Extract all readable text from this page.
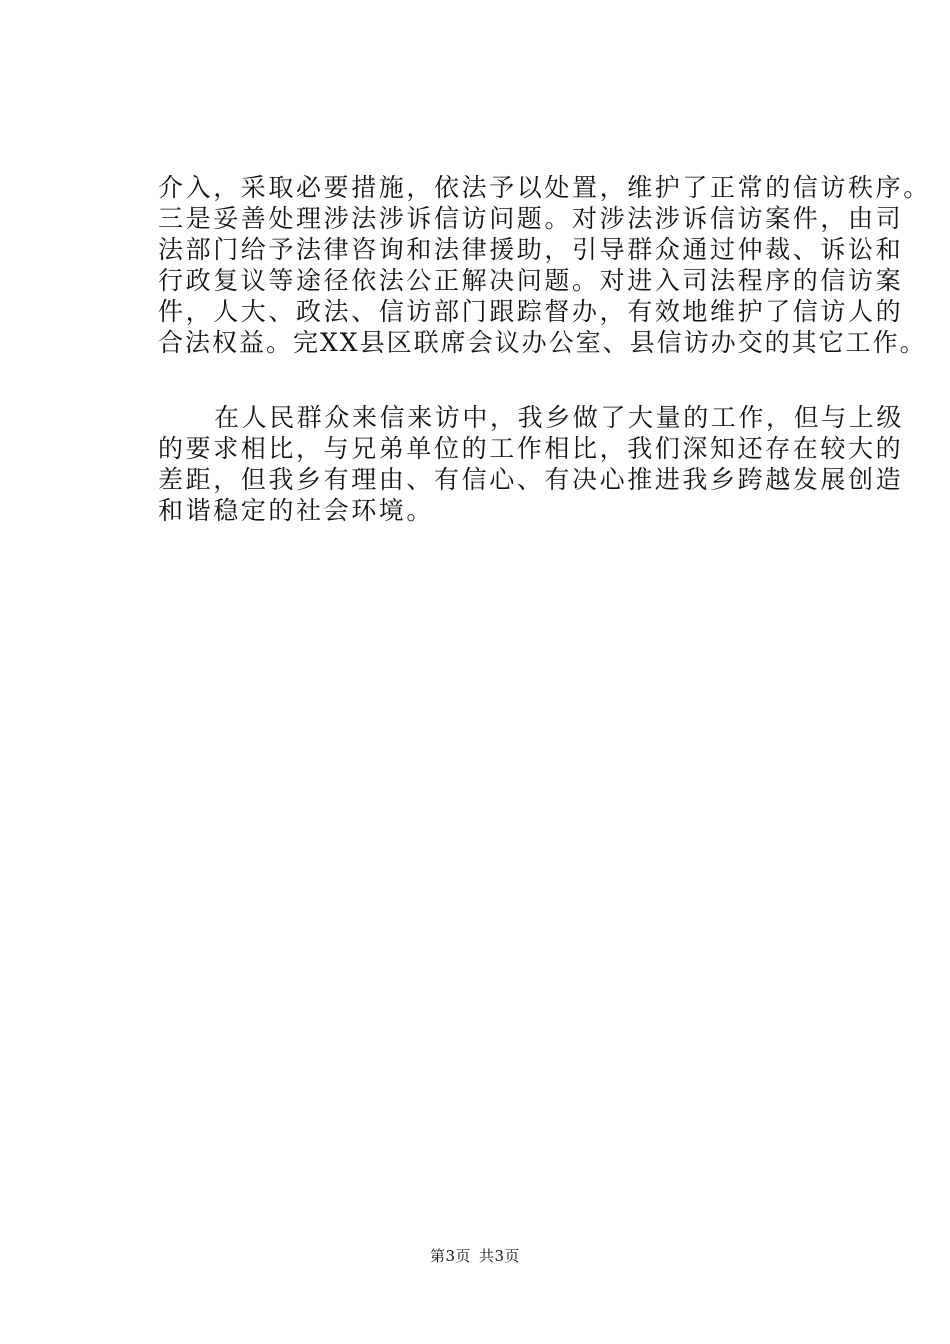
介入，采取必要措施，依法予以处置，维护了正常的信访秩序。
三是妥善处理涉法涉诉信访问题。对涉法涉诉信访案件，由司
法部门给予法律咨询和法律援助，引导群众通过仲裁、诉讼和
行政复议等途径依法公正解决问题。对进入司法程序的信访案
件，人大、政法、信访部门跟踪督办，有效地维护了信访人的
合法权益。完XX县区联席会议办公室、县信访办交的其它工作。
在人民群众来信来访中，我乡做了大量的工作，但与上级
的要求相比，与兄弟单位的工作相比，我们深知还存在较大的
差距，但我乡有理由、有信心、有决心推进我乡跨越发展创造
和谐稳定的社会环境。
第3页 共3页
